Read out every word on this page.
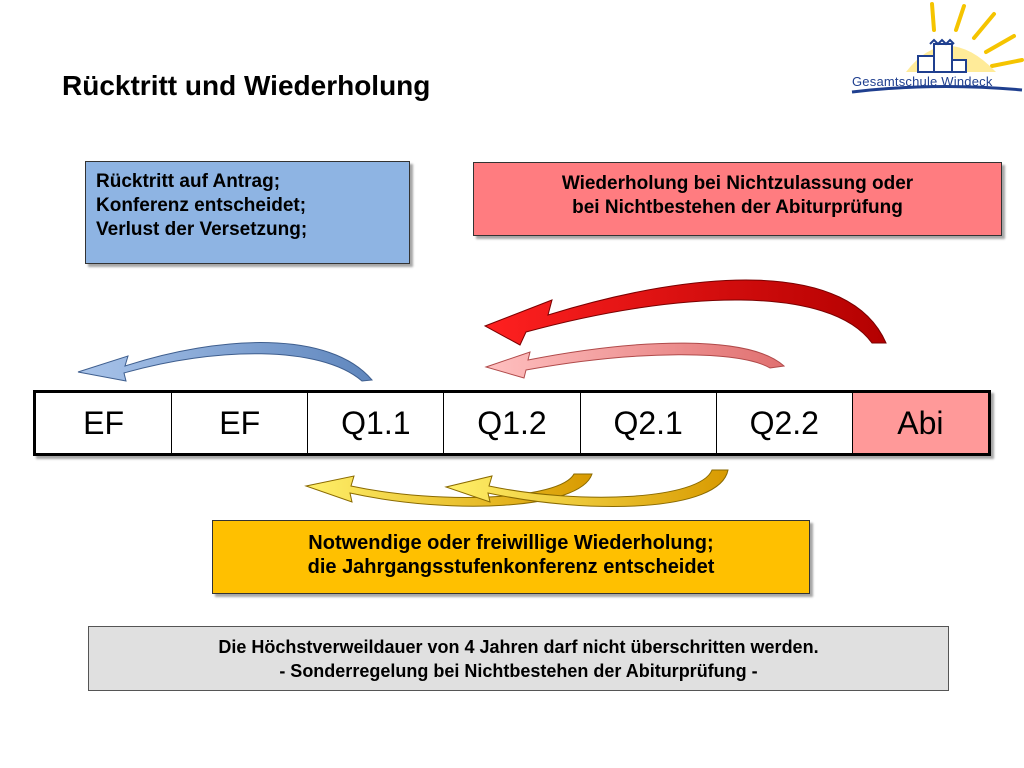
Rücktritt und Wiederholung	Gesamtschule Windeck
Rücktritt auf Antrag;
Konferenz entscheidet;
Verlust der Versetzung;
Wiederholung bei Nichtzulassung oder
bei Nichtbestehen der Abiturprüfung
EF	EF	Q1.1	Q1.2	Q2.1	Q2.2	Abi
Notwendige oder freiwillige Wiederholung;
die Jahrgangsstufenkonferenz entscheidet
Die Höchstverweildauer von 4 Jahren darf nicht überschritten werden.
- Sonderregelung bei Nichtbestehen der Abiturprüfung -
